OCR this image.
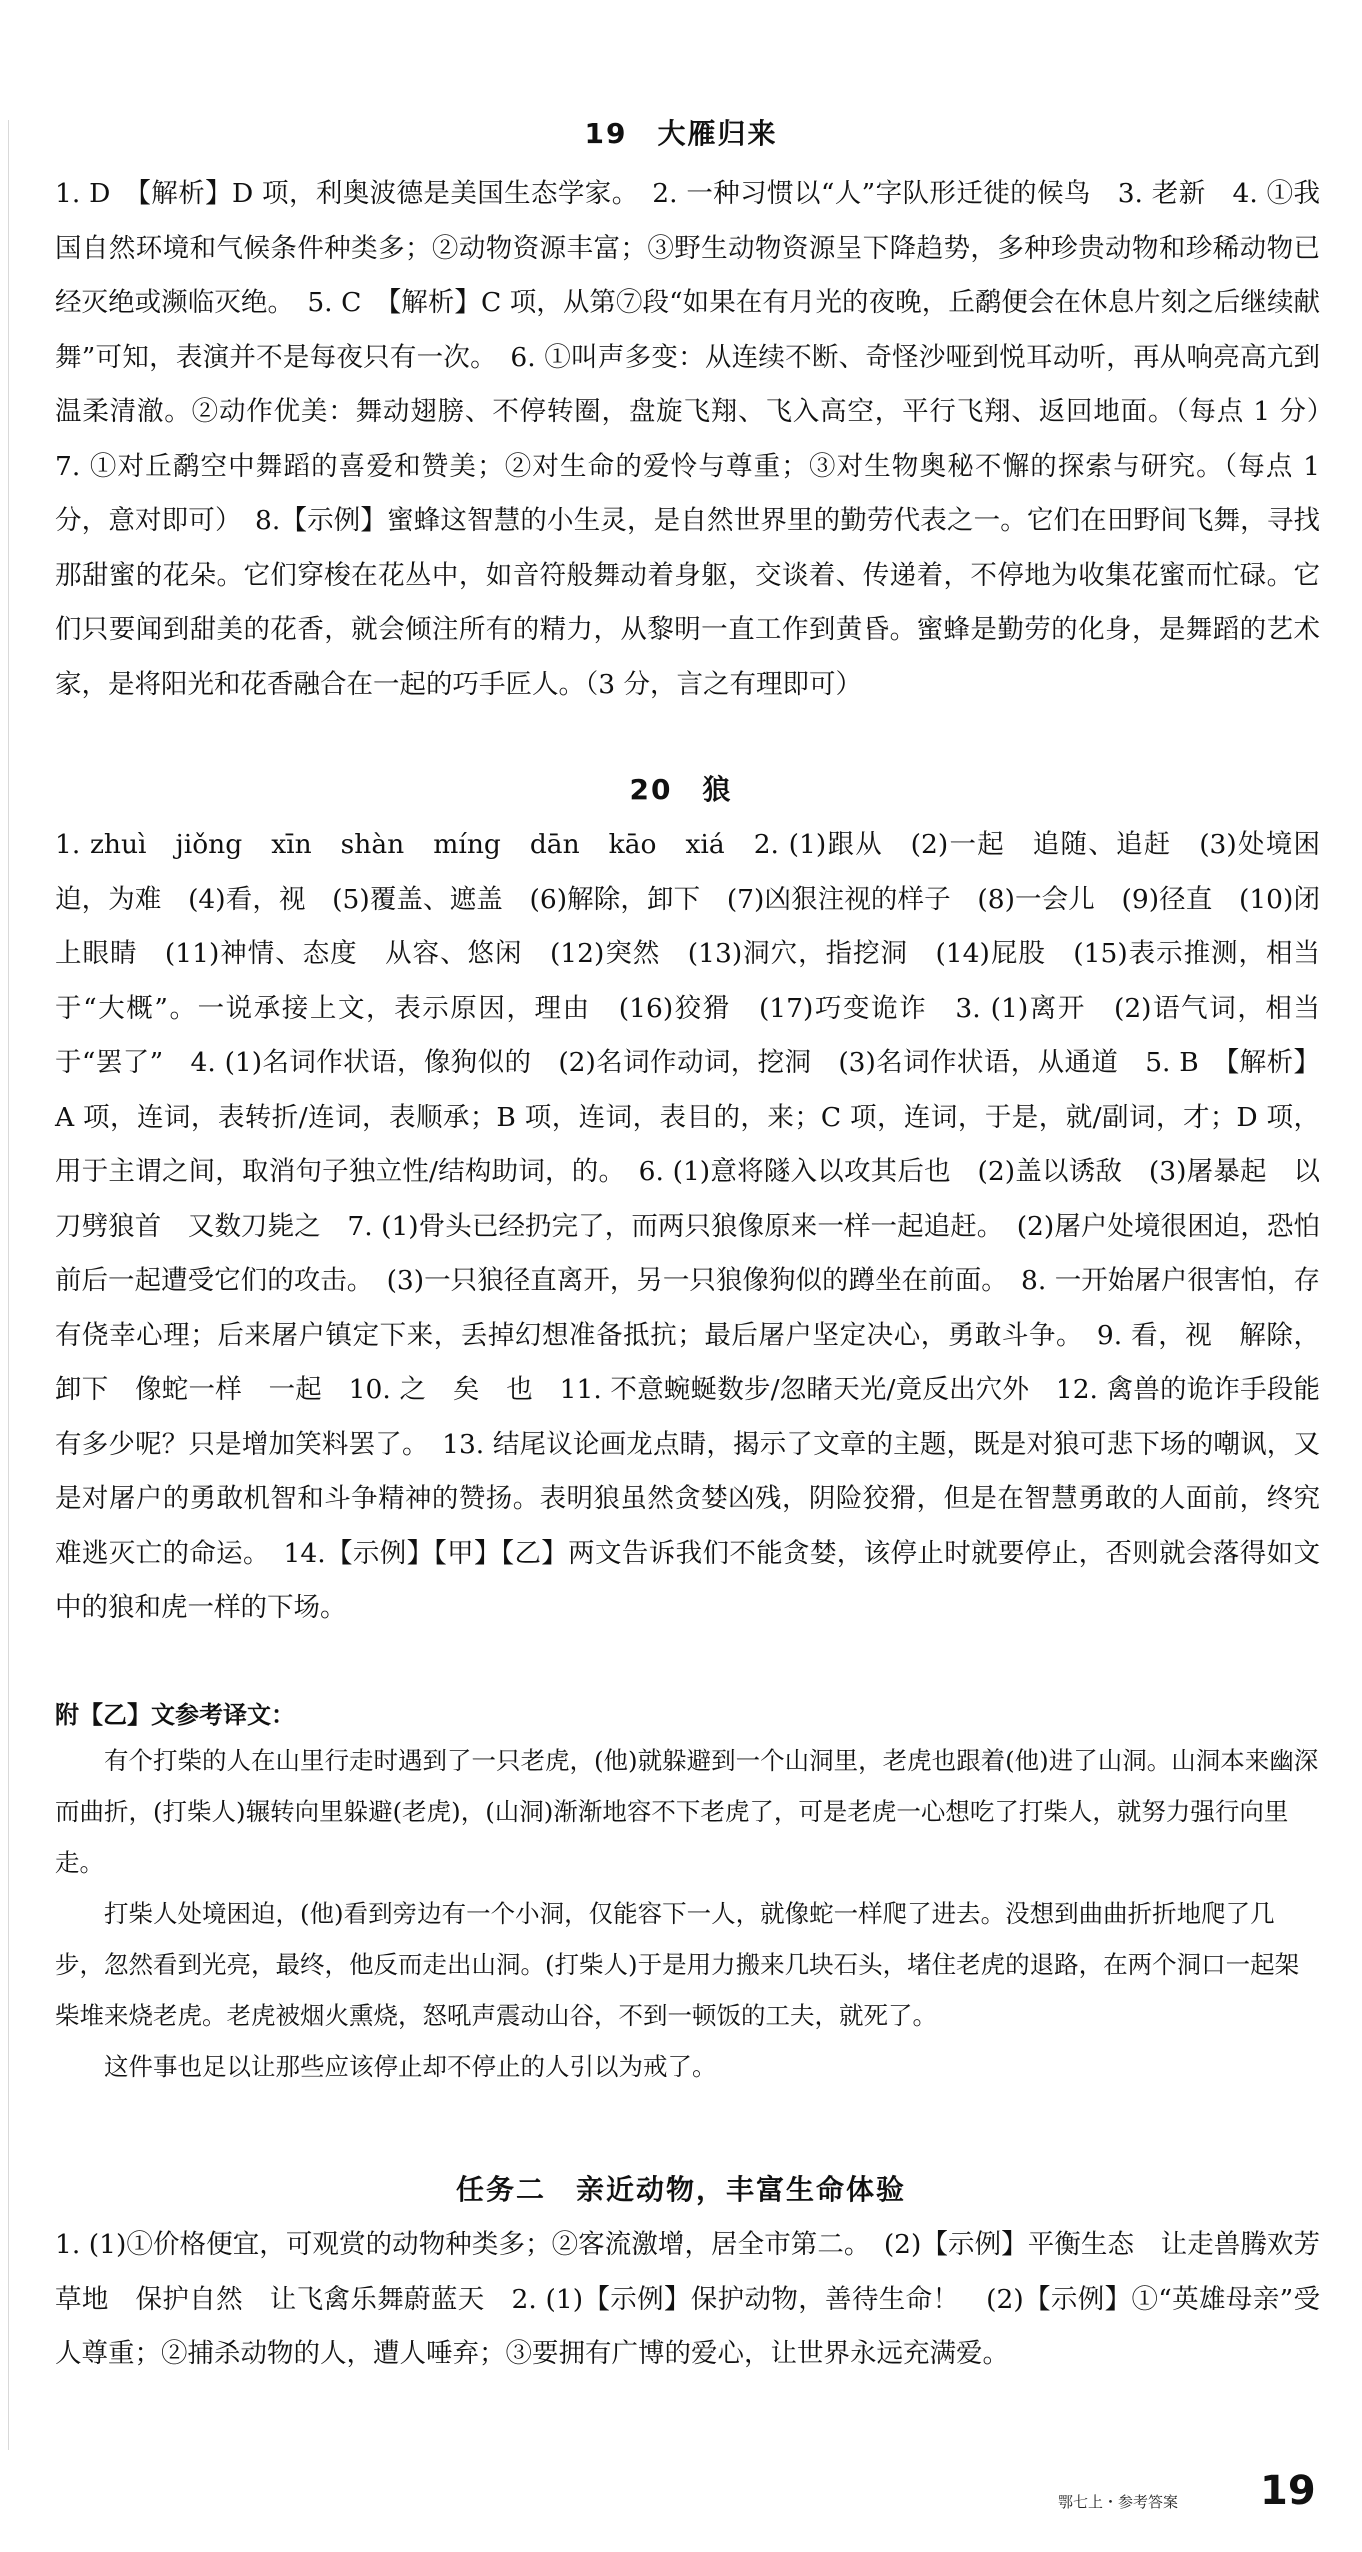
19　大雁归来

1. D　【解析】D 项，利奥波德是美国生态学家。　2. 一种习惯以“人”字队形迁徙的候鸟　3. 老新　4. ①我国自然环境和气候条件种类多；②动物资源丰富；③野生动物资源呈下降趋势，多种珍贵动物和珍稀动物已经灭绝或濒临灭绝。　5. C　【解析】C 项，从第⑦段“如果在有月光的夜晚，丘鹬便会在休息片刻之后继续献舞”可知，表演并不是每夜只有一次。　6. ①叫声多变：从连续不断、奇怪沙哑到悦耳动听，再从响亮高亢到温柔清澈。②动作优美：舞动翅膀、不停转圈，盘旋飞翔、飞入高空，平行飞翔、返回地面。（每点 1 分）　7. ①对丘鹬空中舞蹈的喜爱和赞美；②对生命的爱怜与尊重；③对生物奥秘不懈的探索与研究。（每点 1 分，意对即可）　8.【示例】蜜蜂这智慧的小生灵，是自然世界里的勤劳代表之一。它们在田野间飞舞，寻找那甜蜜的花朵。它们穿梭在花丛中，如音符般舞动着身躯，交谈着、传递着，不停地为收集花蜜而忙碌。它们只要闻到甜美的花香，就会倾注所有的精力，从黎明一直工作到黄昏。蜜蜂是勤劳的化身，是舞蹈的艺术家，是将阳光和花香融合在一起的巧手匠人。（3 分，言之有理即可）

20　狼

1. zhuì　jiǒng　xīn　shàn　míng　dān　kāo　xiá　2. (1)跟从　(2)一起　追随、追赶　(3)处境困迫，为难　(4)看，视　(5)覆盖、遮盖　(6)解除，卸下　(7)凶狠注视的样子　(8)一会儿　(9)径直　(10)闭上眼睛　(11)神情、态度　从容、悠闲　(12)突然　(13)洞穴，指挖洞　(14)屁股　(15)表示推测，相当于“大概”。一说承接上文，表示原因，理由　(16)狡猾　(17)巧变诡诈　3. (1)离开　(2)语气词，相当于“罢了”　4. (1)名词作状语，像狗似的　(2)名词作动词，挖洞　(3)名词作状语，从通道　5. B　【解析】A 项，连词，表转折/连词，表顺承；B 项，连词，表目的，来；C 项，连词，于是，就/副词，才；D 项，用于主谓之间，取消句子独立性/结构助词，的。　6. (1)意将隧入以攻其后也　(2)盖以诱敌　(3)屠暴起　以刀劈狼首　又数刀毙之　7. (1)骨头已经扔完了，而两只狼像原来一样一起追赶。　(2)屠户处境很困迫，恐怕前后一起遭受它们的攻击。　(3)一只狼径直离开，另一只狼像狗似的蹲坐在前面。　8. 一开始屠户很害怕，存有侥幸心理；后来屠户镇定下来，丢掉幻想准备抵抗；最后屠户坚定决心，勇敢斗争。　9. 看，视　解除，卸下　像蛇一样　一起　10. 之　矣　也　11. 不意蜿蜒数步/忽睹天光/竟反出穴外　12. 禽兽的诡诈手段能有多少呢？只是增加笑料罢了。　13. 结尾议论画龙点睛，揭示了文章的主题，既是对狼可悲下场的嘲讽，又是对屠户的勇敢机智和斗争精神的赞扬。表明狼虽然贪婪凶残，阴险狡猾，但是在智慧勇敢的人面前，终究难逃灭亡的命运。　14.【示例】【甲】【乙】两文告诉我们不能贪婪，该停止时就要停止，否则就会落得如文中的狼和虎一样的下场。

附【乙】文参考译文：

有个打柴的人在山里行走时遇到了一只老虎，(他)就躲避到一个山洞里，老虎也跟着(他)进了山洞。山洞本来幽深而曲折，(打柴人)辗转向里躲避(老虎)，(山洞)渐渐地容不下老虎了，可是老虎一心想吃了打柴人，就努力强行向里走。

打柴人处境困迫，(他)看到旁边有一个小洞，仅能容下一人，就像蛇一样爬了进去。没想到曲曲折折地爬了几步，忽然看到光亮，最终，他反而走出山洞。(打柴人)于是用力搬来几块石头，堵住老虎的退路，在两个洞口一起架柴堆来烧老虎。老虎被烟火熏烧，怒吼声震动山谷，不到一顿饭的工夫，就死了。

这件事也足以让那些应该停止却不停止的人引以为戒了。

任务二　亲近动物，丰富生命体验

1. (1)①价格便宜，可观赏的动物种类多；②客流激增，居全市第二。　(2)【示例】平衡生态　让走兽腾欢芳草地　保护自然　让飞禽乐舞蔚蓝天　2. (1)【示例】保护动物，善待生命！　(2)【示例】①“英雄母亲”受人尊重；②捕杀动物的人，遭人唾弃；③要拥有广博的爱心，让世界永远充满爱。

鄂七上・参考答案 19
